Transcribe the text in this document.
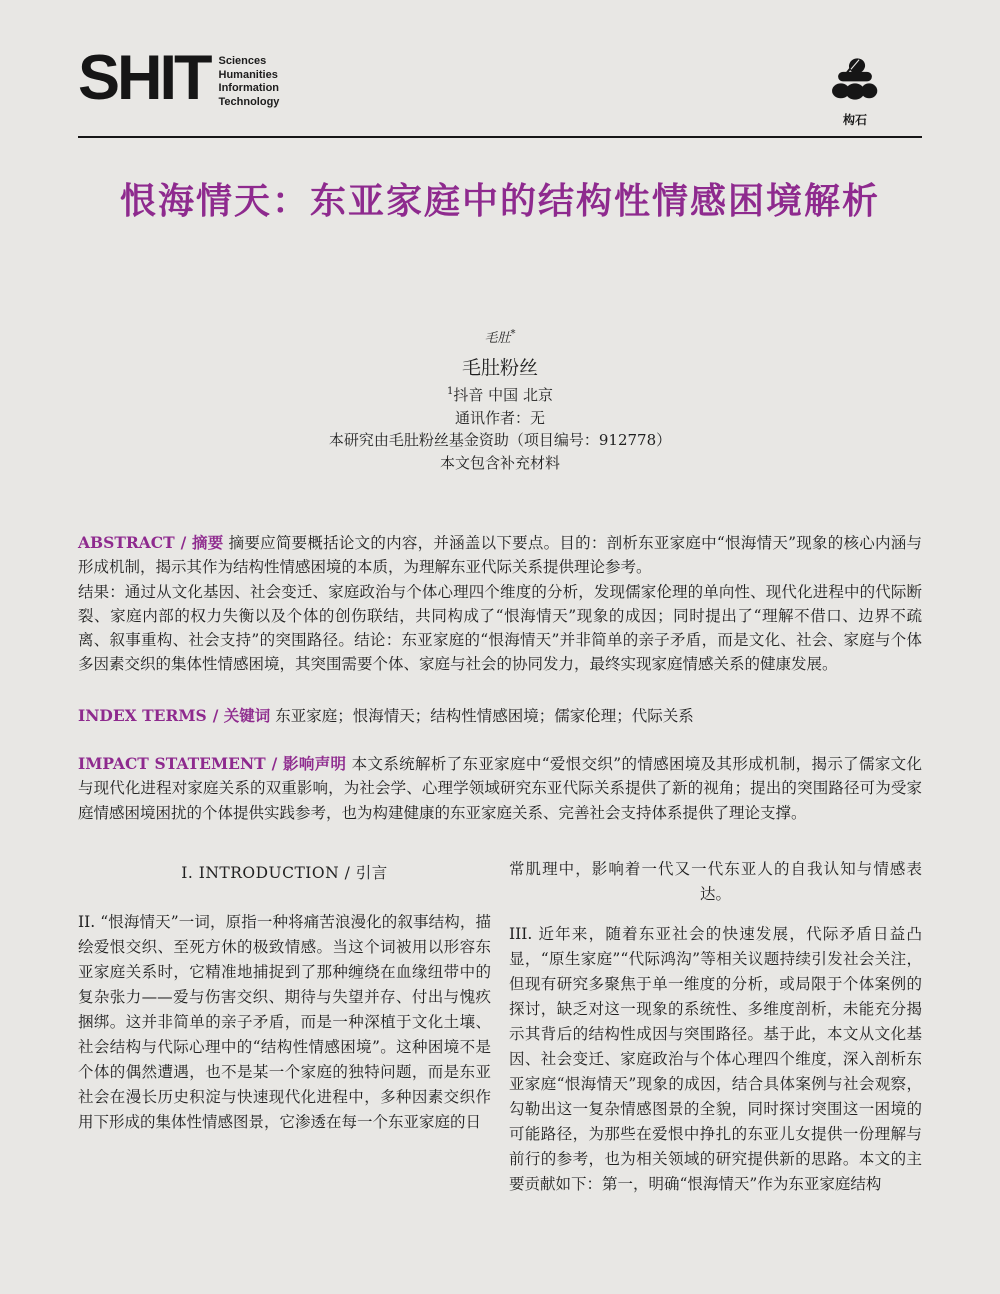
SHIT Sciences
Humanities
Information
Technology
构石
恨海情天：东亚家庭中的结构性情感困境解析
毛肚*
毛肚粉丝
$^1$抖音 中国 北京
通讯作者：无
本研究由毛肚粉丝基金资助（项目编号：912778）
本文包含补充材料

ABSTRACT / 摘要 摘要应简要概括论文的内容，并涵盖以下要点。目的：剖析东亚家庭中“恨海情天”现象的核心内涵与形成机制，揭示其作为结构性情感困境的本质，为理解东亚代际关系提供理论参考。

结果：通过从文化基因、社会变迁、家庭政治与个体心理四个维度的分析，发现儒家伦理的单向性、现代化进程中的代际断裂、家庭内部的权力失衡以及个体的创伤联结，共同构成了“恨海情天”现象的成因；同时提出了“理解不借口、边界不疏离、叙事重构、社会支持”的突围路径。结论：东亚家庭的“恨海情天”并非简单的亲子矛盾，而是文化、社会、家庭与个体多因素交织的集体性情感困境，其突围需要个体、家庭与社会的协同发力，最终实现家庭情感关系的健康发展。

INDEX TERMS / 关键词 东亚家庭；恨海情天；结构性情感困境；儒家伦理；代际关系

IMPACT STATEMENT / 影响声明 本文系统解析了东亚家庭中“爱恨交织”的情感困境及其形成机制，揭示了儒家文化与现代化进程对家庭关系的双重影响，为社会学、心理学领域研究东亚代际关系提供了新的视角；提出的突围路径可为受家庭情感困境困扰的个体提供实践参考，也为构建健康的东亚家庭关系、完善社会支持体系提供了理论支撑。

I. INTRODUCTION / 引言

II. “恨海情天”一词，原指一种将痛苦浪漫化的叙事结构，描绘爱恨交织、至死方休的极致情感。当这个词被用以形容东亚家庭关系时，它精准地捕捉到了那种缠绕在血缘纽带中的复杂张力——爱与伤害交织、期待与失望并存、付出与愧疚捆绑。这并非简单的亲子矛盾，而是一种深植于文化土壤、社会结构与代际心理中的“结构性情感困境”。这种困境不是个体的偶然遭遇，也不是某一个家庭的独特问题，而是东亚社会在漫长历史积淀与快速现代化进程中，多种因素交织作用下形成的集体性情感图景，它渗透在每一个东亚家庭的日

常肌理中，影响着一代又一代东亚人的自我认知与情感表达。

III. 近年来，随着东亚社会的快速发展，代际矛盾日益凸显，“原生家庭”“代际鸿沟”等相关议题持续引发社会关注，但现有研究多聚焦于单一维度的分析，或局限于个体案例的探讨，缺乏对这一现象的系统性、多维度剖析，未能充分揭示其背后的结构性成因与突围路径。基于此，本文从文化基因、社会变迁、家庭政治与个体心理四个维度，深入剖析东亚家庭“恨海情天”现象的成因，结合具体案例与社会观察，勾勒出这一复杂情感图景的全貌，同时探讨突围这一困境的可能路径，为那些在爱恨中挣扎的东亚儿女提供一份理解与前行的参考，也为相关领域的研究提供新的思路。本文的主要贡献如下：第一，明确“恨海情天”作为东亚家庭结构
